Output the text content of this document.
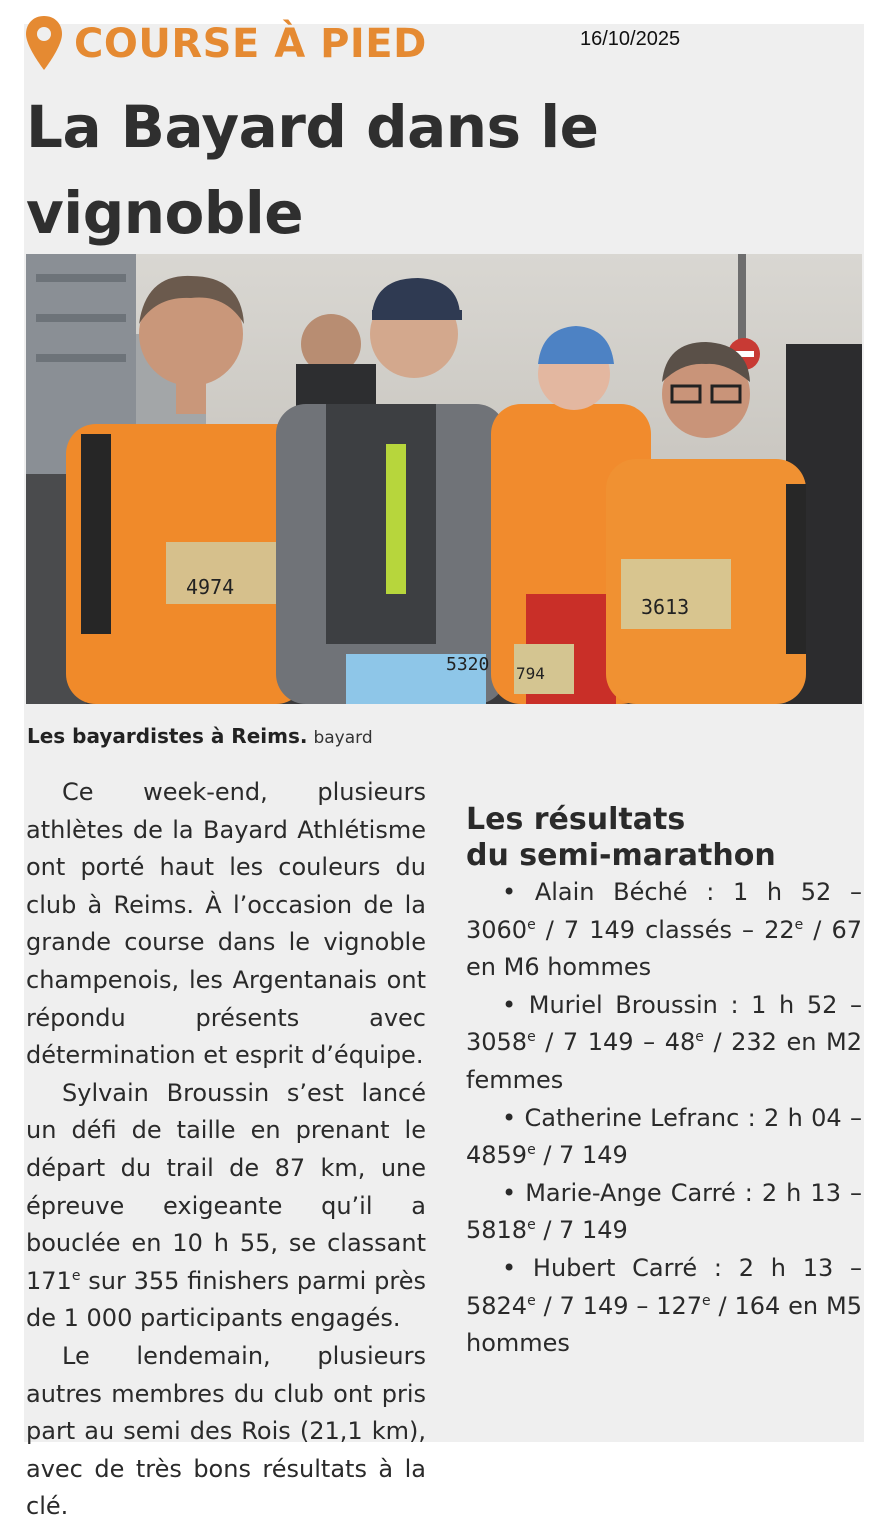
16/10/2025
COURSE À PIED
La Bayard dans le vignoble

4974
5320 794
3613
Les bayardistes à Reims. bayard

Ce week-end, plusieurs athlètes de la Bayard Athlétisme ont porté haut les couleurs du club à Reims. À l’occasion de la grande course dans le vignoble champenois, les Argentanais ont répondu présents avec détermination et esprit d’équipe.

Sylvain Broussin s’est lancé un défi de taille en prenant le départ du trail de 87 km, une épreuve exigeante qu’il a bouclée en 10 h 55, se classant 171e sur 355 finishers parmi près de 1 000 participants engagés.

Le lendemain, plusieurs autres membres du club ont pris part au semi des Rois (21,1 km), avec de très bons résultats à la clé.

Les résultats
du semi-marathon

• Alain Béché : 1 h 52 – 3060e / 7 149 classés – 22e / 67 en M6 hommes

• Muriel Broussin : 1 h 52 – 3058e / 7 149 – 48e / 232 en M2 femmes

• Catherine Lefranc : 2 h 04 – 4859e / 7 149

• Marie-Ange Carré : 2 h 13 – 5818e / 7 149

• Hubert Carré : 2 h 13 – 5824e / 7 149 – 127e / 164 en M5 hommes
